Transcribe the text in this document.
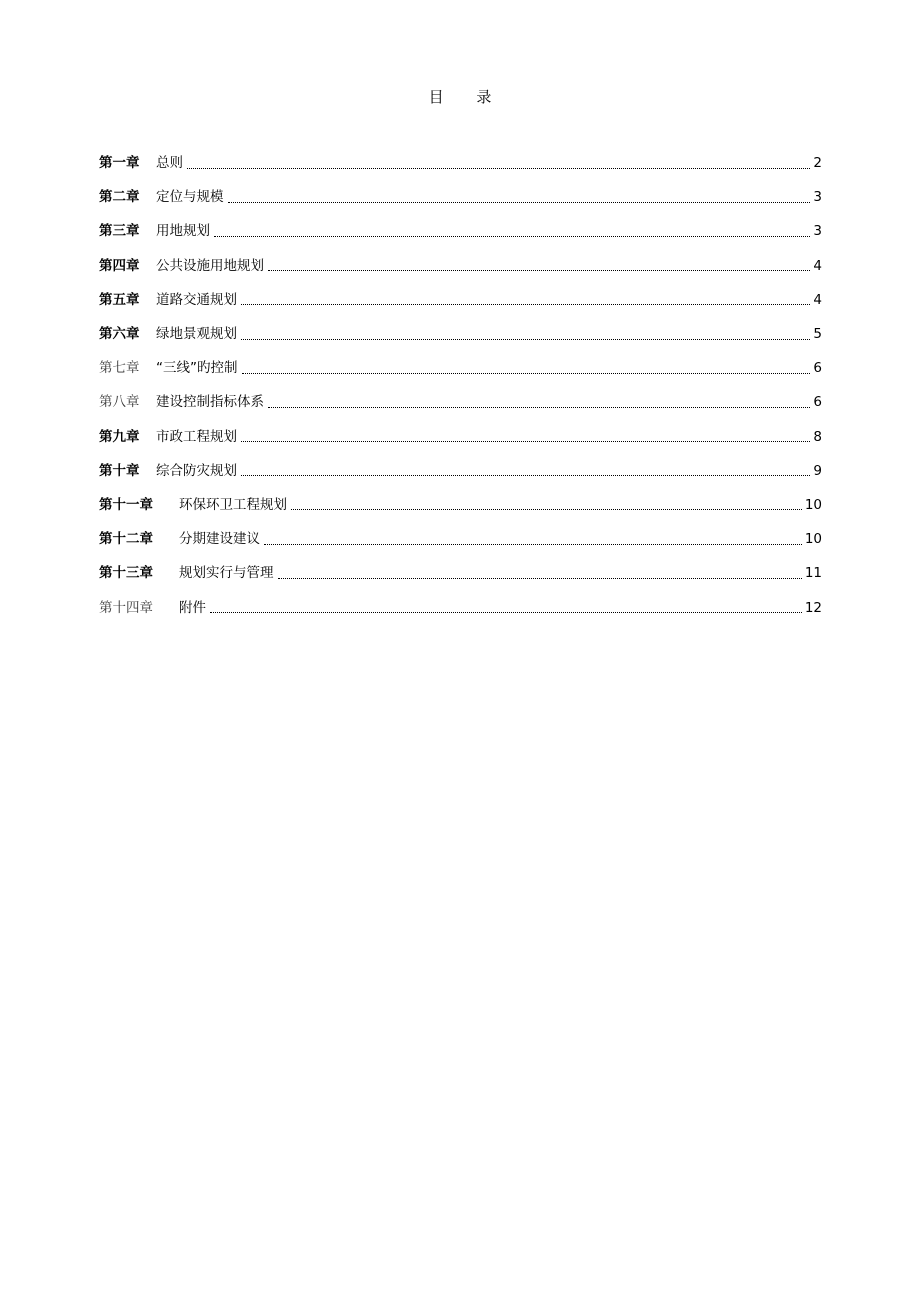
目 录
第一章	总则	2
第二章	定位与规模	3
第三章	用地规划	3
第四章	公共设施用地规划	4
第五章	道路交通规划	4
第六章	绿地景观规划	5
第七章	“三线”旳控制	6
第八章	建设控制指标体系	6
第九章	市政工程规划	8
第十章	综合防灾规划	9
第十一章	环保环卫工程规划	10
第十二章	分期建设建议	10
第十三章	规划实行与管理	11
第十四章	附件	12
